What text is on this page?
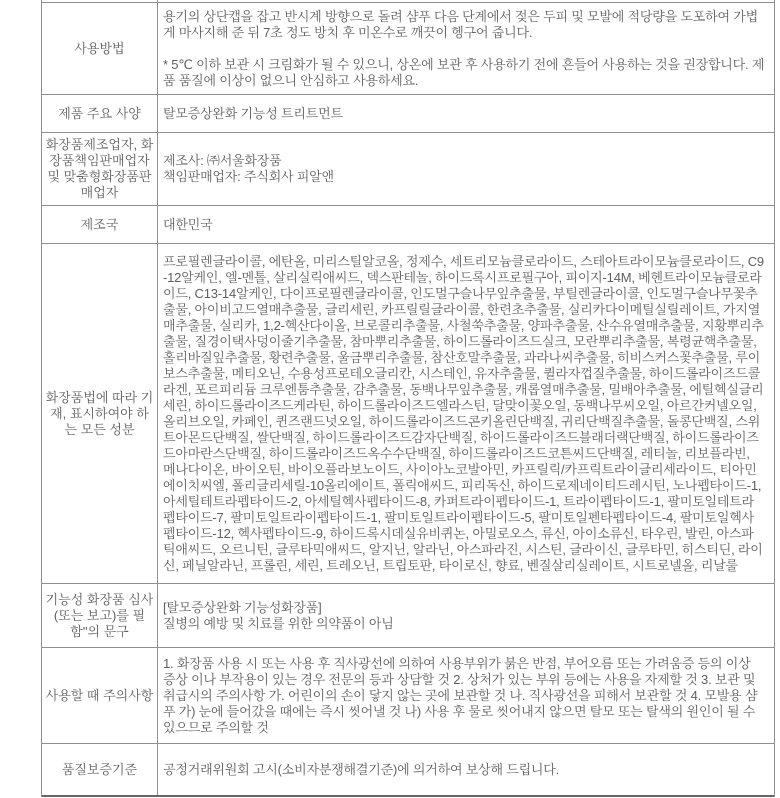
사용방법
용기의 상단캡을 잡고 반시계 방향으로 돌려 샴푸 다음 단계에서 젖은 두피 및 모발에 적당량을 도포하여 가볍게 마사지해 준 뒤 7초 정도 방치 후 미온수로 깨끗이 헹구어 줍니다.
* 5℃ 이하 보관 시 크림화가 될 수 있으니, 상온에 보관 후 사용하기 전에 흔들어 사용하는 것을 권장합니다. 제품 품질에 이상이 없으니 안심하고 사용하세요.
제품 주요 사양	탈모증상완화 기능성 트리트먼트
화장품제조업자, 화장품책임판매업자 및 맞춤형화장품판매업자
제조사: ㈜서울화장품
책임판매업자: 주식회사 피알앤
제조국	대한민국
화장품법에 따라 기재, 표시하여야 하는 모든 성분
프로필렌글라이콜, 에탄올, 미리스틸알코올, 정제수, 세트리모늄클로라이드, 스테아트라이모늄클로라이드, C9-12알케인, 엘-멘톨, 살리실릭애씨드, 덱스판테놀, 하이드록시프로필구아, 피이지-14M, 베헨트라이모늄클로라이드, C13-14알케인, 다이프로필렌글라이콜, 인도멀구슬나무잎추출물, 부틸렌글라이콜, 인도멀구슬나무꽃추출물, 아이비고드열매추출물, 글리세린, 카프릴릴글라이콜, 한련초추출물, 실리카다이메틸실릴레이트, 가지열매추출물, 실리카, 1,2-헥산다이올, 브로콜리추출물, 사철쑥추출물, 양파추출물, 산수유열매추출물, 지황뿌리추출물, 질경이택사덩이줄기추출물, 참마뿌리추출물, 하이드롤라이즈드실크, 모란뿌리추출물, 복령균핵추출물, 홀리바질잎추출물, 황련추출물, 울금뿌리추출물, 참산호말추출물, 과라나씨추출물, 히비스커스꽃추출물, 루이보스추출물, 메티오닌, 수용성프로테오글리칸, 시스테인, 유자추출물, 퀼라자껍질추출물, 하이드롤라이즈드콜라겐, 포르피리듐 크루엔툼추출물, 감추출물, 동백나무잎추출물, 캐롭열매추출물, 밀배아추출물, 에틸헥실글리세린, 하이드롤라이즈드케라틴, 하이드롤라이즈드엘라스틴, 달맞이꽃오일, 동백나무씨오일, 아르간커넬오일, 올리브오일, 카페인, 퀸즈랜드넛오일, 하이드롤라이즈드콘키올린단백질, 귀리단백질추출물, 돌콩단백질, 스위트아몬드단백질, 쌀단백질, 하이드롤라이즈드감자단백질, 하이드롤라이즈드블래더랙단백질, 하이드롤라이즈드아마란스단백질, 하이드롤라이즈드옥수수단백질, 하이드롤라이즈드코튼씨드단백질, 레티놀, 리보플라빈, 메나다이온, 바이오틴, 바이오플라보노이드, 사이아노코발아민, 카프릴릭/카프릭트라이글리세라이드, 티아민에이치씨엘, 폴리글리세릴-10올리에이트, 폴릭애씨드, 피리독신, 하이드로제네이티드레시틴, 노나펩타이드-1, 아세틸테트라펩타이드-2, 아세틸헥사펩타이드-8, 카퍼트라이펩타이드-1, 트라이펩타이드-1, 팔미토일테트라펩타이드-7, 팔미토일트라이펩타이드-1, 팔미토일트라이펩타이드-5, 팔미토일펜타펩타이드-4, 팔미토일헥사펩타이드-12, 헥사펩타이드-9, 하이드록시데실유비퀴논, 아밀로오스, 류신, 아이소류신, 타우린, 발린, 아스파틱애씨드, 오르니틴, 글루타믹애씨드, 알지닌, 알라닌, 아스파라진, 시스틴, 글라이신, 글루타민, 히스티딘, 라이신, 페닐알라닌, 프롤린, 세린, 트레오닌, 트립토판, 타이로신, 향료, 벤질살리실레이트, 시트로넬올, 리날룰
기능성 화장품 심사(또는 보고)를 필함"의 문구
[탈모증상완화 기능성화장품]
질병의 예방 및 치료를 위한 의약품이 아님
사용할 때 주의사항
1. 화장품 사용 시 또는 사용 후 직사광선에 의하여 사용부위가 붉은 반점, 부어오름 또는 가려움증 등의 이상 증상 이나 부작용이 있는 경우 전문의 등과 상담할 것 2. 상처가 있는 부위 등에는 사용을 자제할 것 3. 보관 및 취급시의 주의사항 가. 어린이의 손이 닿지 않는 곳에 보관할 것 나. 직사광선을 피해서 보관할 것 4. 모발용 샴푸 가) 눈에 들어갔을 때에는 즉시 씻어낼 것 나) 사용 후 물로 씻어내지 않으면 탈모 또는 탈색의 원인이 될 수 있으므로 주의할 것
품질보증기준	공정거래위원회 고시(소비자분쟁해결기준)에 의거하여 보상해 드립니다.
